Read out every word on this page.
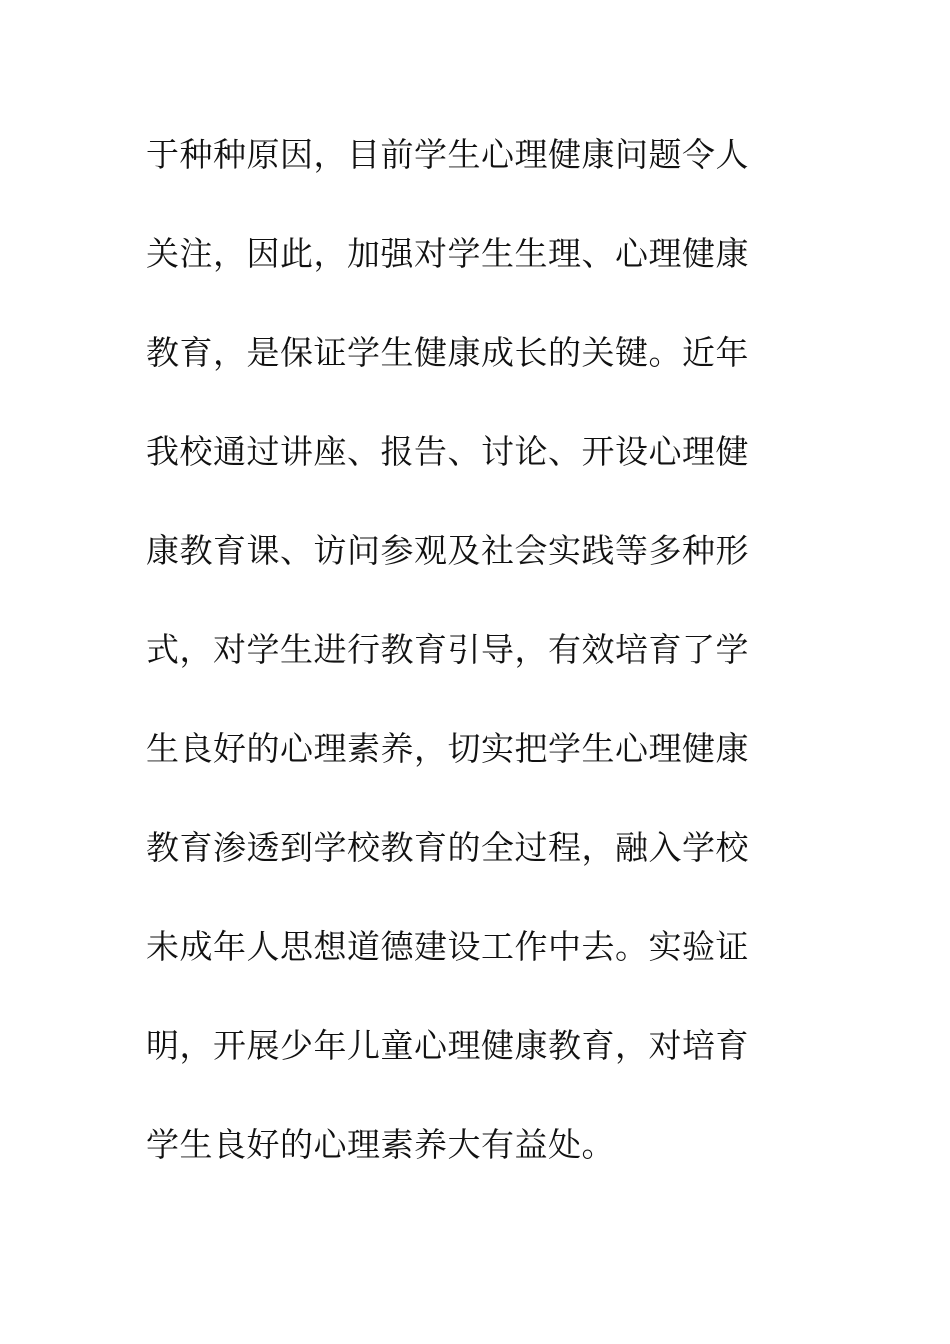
于种种原因，目前学生心理健康问题令人
关注，因此，加强对学生生理、心理健康
教育，是保证学生健康成长的关键。近年
我校通过讲座、报告、讨论、开设心理健
康教育课、访问参观及社会实践等多种形
式，对学生进行教育引导，有效培育了学
生良好的心理素养，切实把学生心理健康
教育渗透到学校教育的全过程，融入学校
未成年人思想道德建设工作中去。实验证
明，开展少年儿童心理健康教育，对培育
学生良好的心理素养大有益处。
